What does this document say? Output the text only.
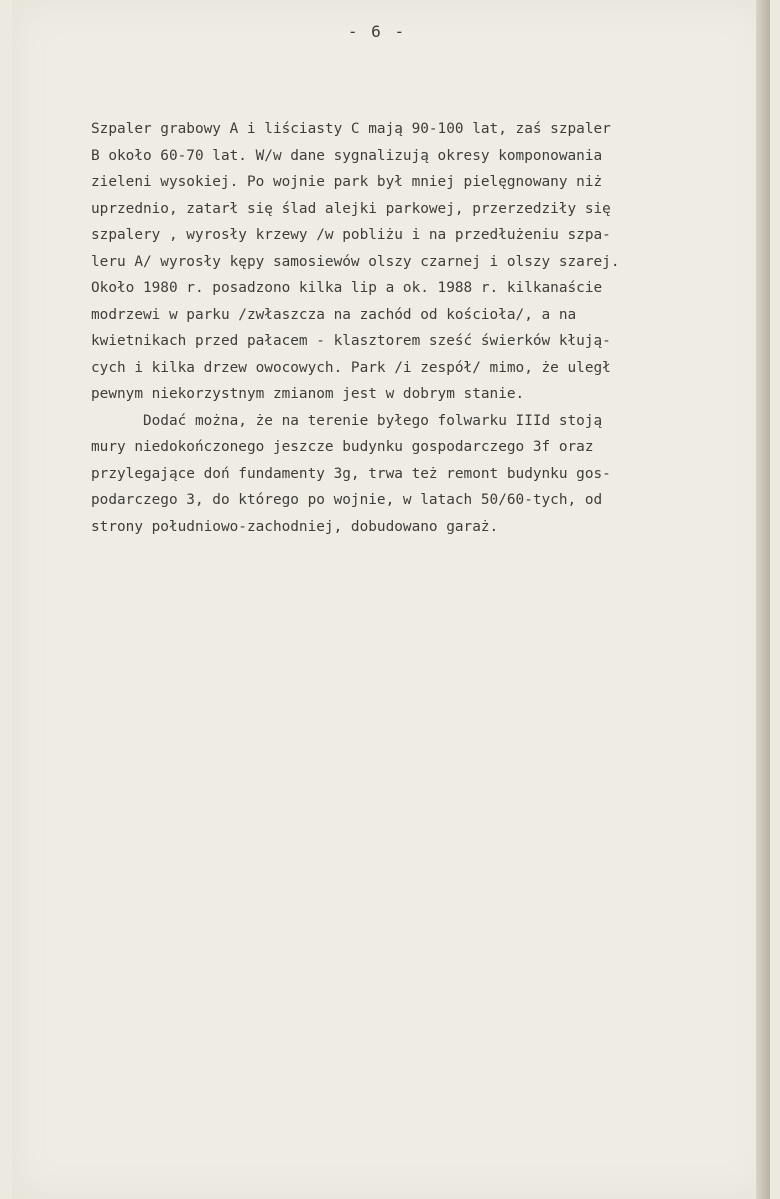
- 6 -
Szpaler grabowy A i liściasty C mają 90-100 lat, zaś szpaler
B około 60-70 lat. W/w dane sygnalizują okresy komponowania
zieleni wysokiej. Po wojnie park był mniej pielęgnowany niż
uprzednio, zatarł się ślad alejki parkowej, przerzedziły się
szpalery , wyrosły krzewy /w pobliżu i na przedłużeniu szpa-
leru A/ wyrosły kępy samosiewów olszy czarnej i olszy szarej.
Około 1980 r. posadzono kilka lip a ok. 1988 r. kilkanaście
modrzewi w parku /zwłaszcza na zachód od kościoła/, a na
kwietnikach przed pałacem - klasztorem sześć świerków kłują-
cych i kilka drzew owocowych. Park /i zespół/ mimo, że uległ
pewnym niekorzystnym zmianom jest w dobrym stanie.
Dodać można, że na terenie byłego folwarku IIId stoją
mury niedokończonego jeszcze budynku gospodarczego 3f oraz
przylegające doń fundamenty 3g, trwa też remont budynku gos-
podarczego 3, do którego po wojnie, w latach 50/60-tych, od
strony południowo-zachodniej, dobudowano garaż.
